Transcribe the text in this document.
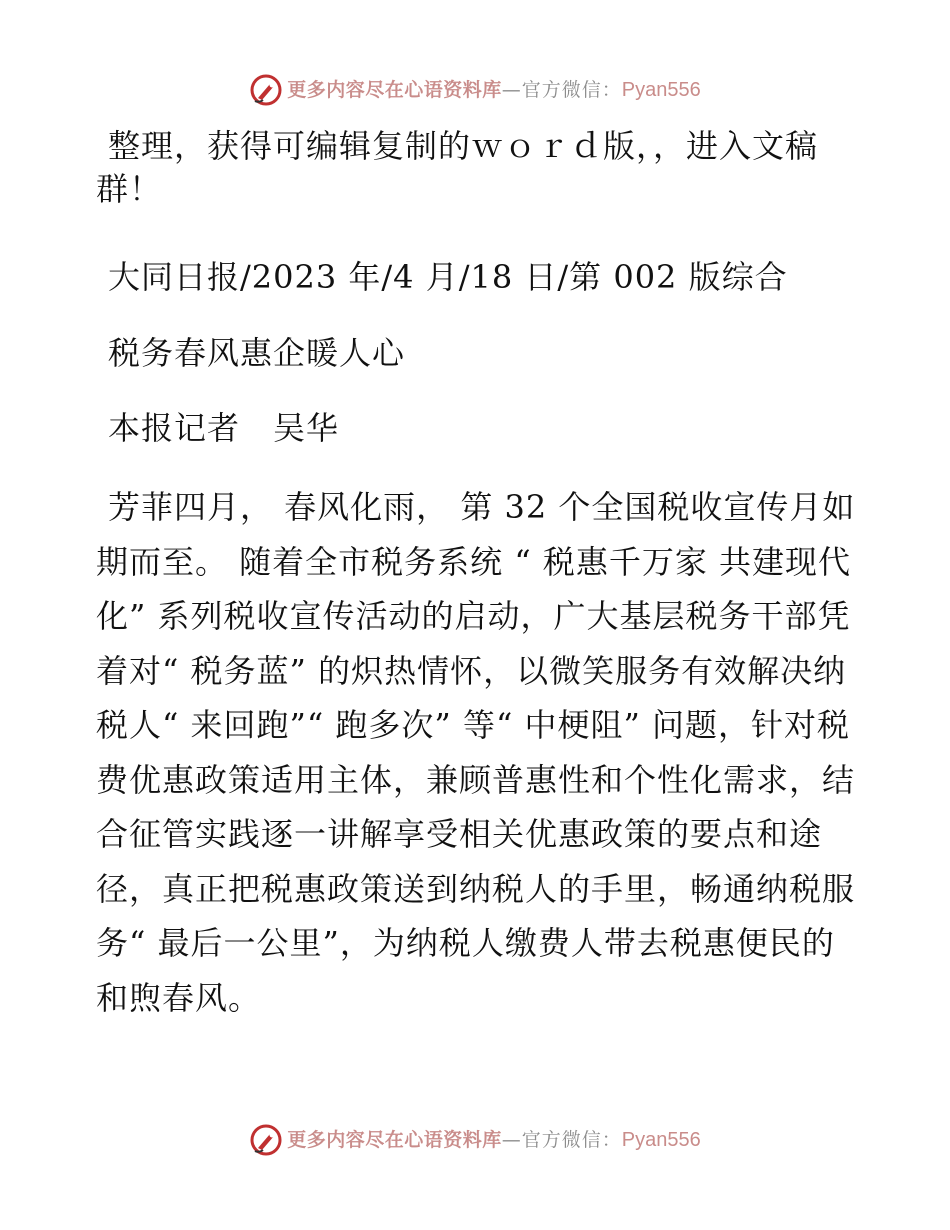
更多内容尽在心语资料库 —官方微信： Pyan556

整理，获得可编辑复制的ｗｏｒｄ版，，进入文稿群！

大同日报/2023 年/4 月/18 日/第 002 版综合

税务春风惠企暖人心

本报记者　吴华

芳菲四月， 春风化雨， 第 32 个全国税收宣传月如期而至。 随着全市税务系统 “ 税惠千万家 共建现代化” 系列税收宣传活动的启动，广大基层税务干部凭着对“ 税务蓝” 的炽热情怀，以微笑服务有效解决纳税人“ 来回跑”“ 跑多次” 等“ 中梗阻” 问题，针对税费优惠政策适用主体，兼顾普惠性和个性化需求，结合征管实践逐一讲解享受相关优惠政策的要点和途径，真正把税惠政策送到纳税人的手里，畅通纳税服务“ 最后一公里”，为纳税人缴费人带去税惠便民的和煦春风。

更多内容尽在心语资料库 —官方微信： Pyan556
